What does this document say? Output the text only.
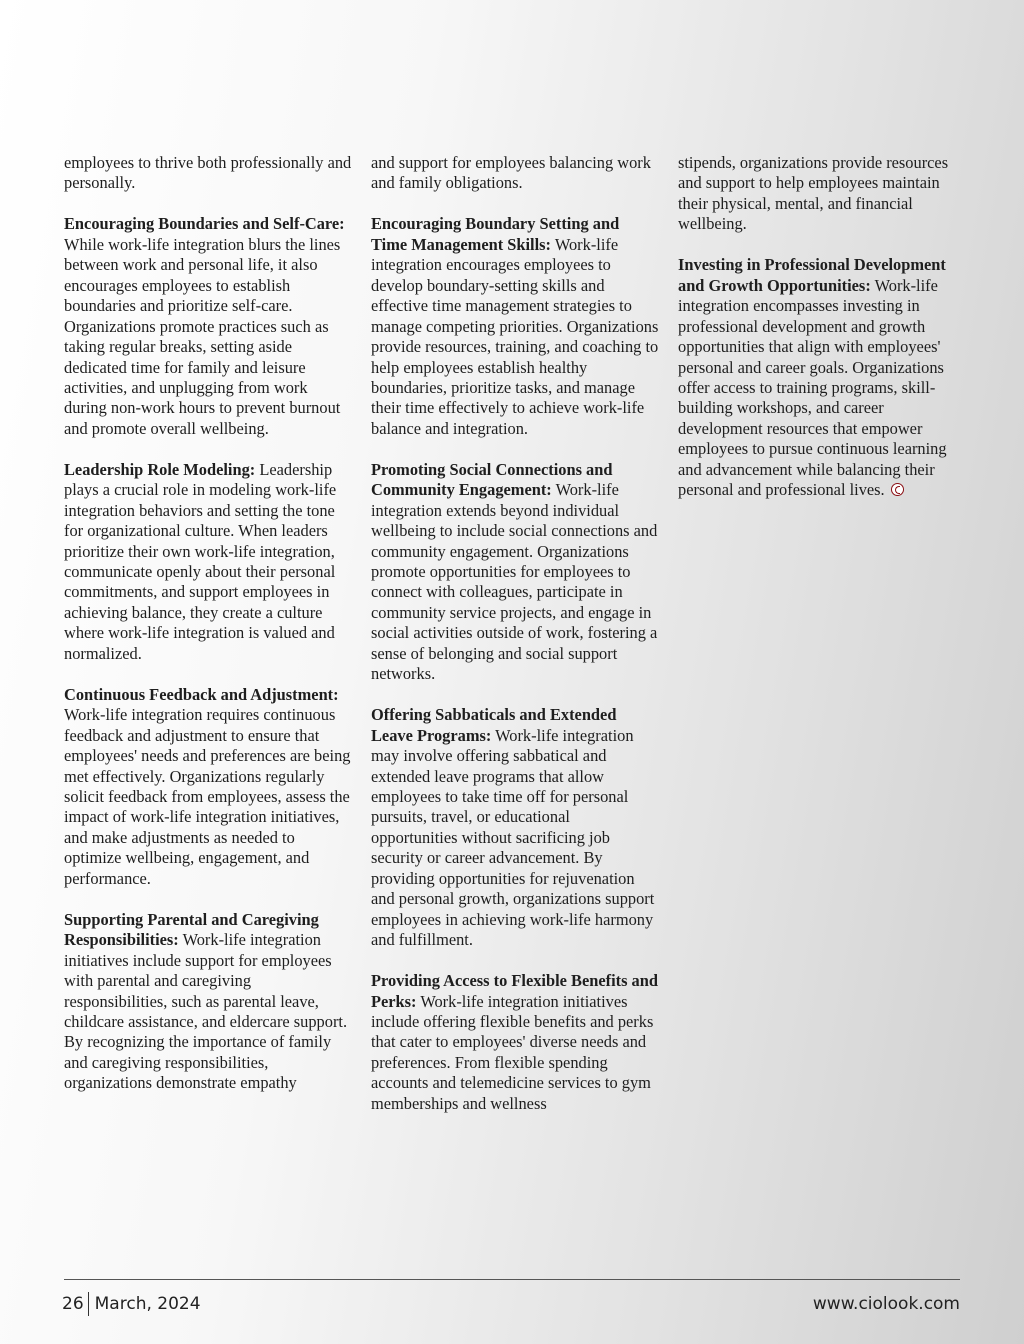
employees to thrive both professionally and personally.

Encouraging Boundaries and Self-Care: While work-life integration blurs the lines between work and personal life, it also encourages employees to establish boundaries and prioritize self-care. Organizations promote practices such as taking regular breaks, setting aside dedicated time for family and leisure activities, and unplugging from work during non-work hours to prevent burnout and promote overall wellbeing.

Leadership Role Modeling: Leadership plays a crucial role in modeling work-life integration behaviors and setting the tone for organizational culture. When leaders prioritize their own work-life integration, communicate openly about their personal commitments, and support employees in achieving balance, they create a culture where work-life integration is valued and normalized.

Continuous Feedback and Adjustment: Work-life integration requires continuous feedback and adjustment to ensure that employees' needs and preferences are being met effectively. Organizations regularly solicit feedback from employees, assess the impact of work-life integration initiatives, and make adjustments as needed to optimize wellbeing, engagement, and performance.

Supporting Parental and Caregiving Responsibilities: Work-life integration initiatives include support for employees with parental and caregiving responsibilities, such as parental leave, childcare assistance, and eldercare support. By recognizing the importance of family and caregiving responsibilities, organizations demonstrate empathy

and support for employees balancing work and family obligations.

Encouraging Boundary Setting and Time Management Skills: Work-life integration encourages employees to develop boundary-setting skills and effective time management strategies to manage competing priorities. Organizations provide resources, training, and coaching to help employees establish healthy boundaries, prioritize tasks, and manage their time effectively to achieve work-life balance and integration.

Promoting Social Connections and Community Engagement: Work-life integration extends beyond individual wellbeing to include social connections and community engagement. Organizations promote opportunities for employees to connect with colleagues, participate in community service projects, and engage in social activities outside of work, fostering a sense of belonging and social support networks.

Offering Sabbaticals and Extended Leave Programs: Work-life integration may involve offering sabbatical and extended leave programs that allow employees to take time off for personal pursuits, travel, or educational opportunities without sacrificing job security or career advancement. By providing opportunities for rejuvenation and personal growth, organizations support employees in achieving work-life harmony and fulfillment.

Providing Access to Flexible Benefits and Perks: Work-life integration initiatives include offering flexible benefits and perks that cater to employees' diverse needs and preferences. From flexible spending accounts and telemedicine services to gym memberships and wellness

stipends, organizations provide resources and support to help employees maintain their physical, mental, and financial wellbeing.

Investing in Professional Development and Growth Opportunities: Work-life integration encompasses investing in professional development and growth opportunities that align with employees' personal and career goals. Organizations offer access to training programs, skill-building workshops, and career development resources that empower employees to pursue continuous learning and advancement while balancing their personal and professional lives.

26 March, 2024	www.ciolook.com
